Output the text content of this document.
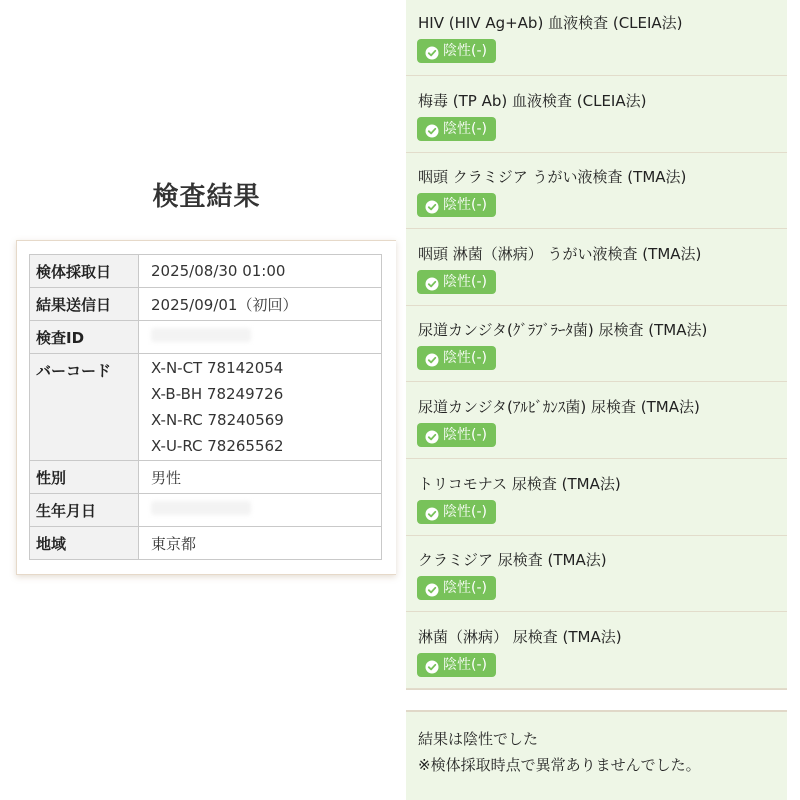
検査結果
検体採取日	2025/08/30 01:00
結果送信日	2025/09/01（初回）
検査ID	
バーコード	X-N-CT 78142054
X-B-BH 78249726
X-N-RC 78240569
X-U-RC 78265562

性別	男性
生年月日	
地域	東京都
HIV (HIV Ag+Ab) 血液検査 (CLEIA法)
陰性(-)
梅毒 (TP Ab) 血液検査 (CLEIA法)
陰性(-)
咽頭 クラミジア うがい液検査 (TMA法)
陰性(-)
咽頭 淋菌（淋病） うがい液検査 (TMA法)
陰性(-)
尿道カンジタ(ｸﾞﾗﾌﾞﾗｰﾀ菌) 尿検査 (TMA法)
陰性(-)
尿道カンジタ(ｱﾙﾋﾞｶﾝｽ菌) 尿検査 (TMA法)
陰性(-)
トリコモナス 尿検査 (TMA法)
陰性(-)
クラミジア 尿検査 (TMA法)
陰性(-)
淋菌（淋病） 尿検査 (TMA法)
陰性(-)
結果は陰性でした
※検体採取時点で異常ありませんでした。
